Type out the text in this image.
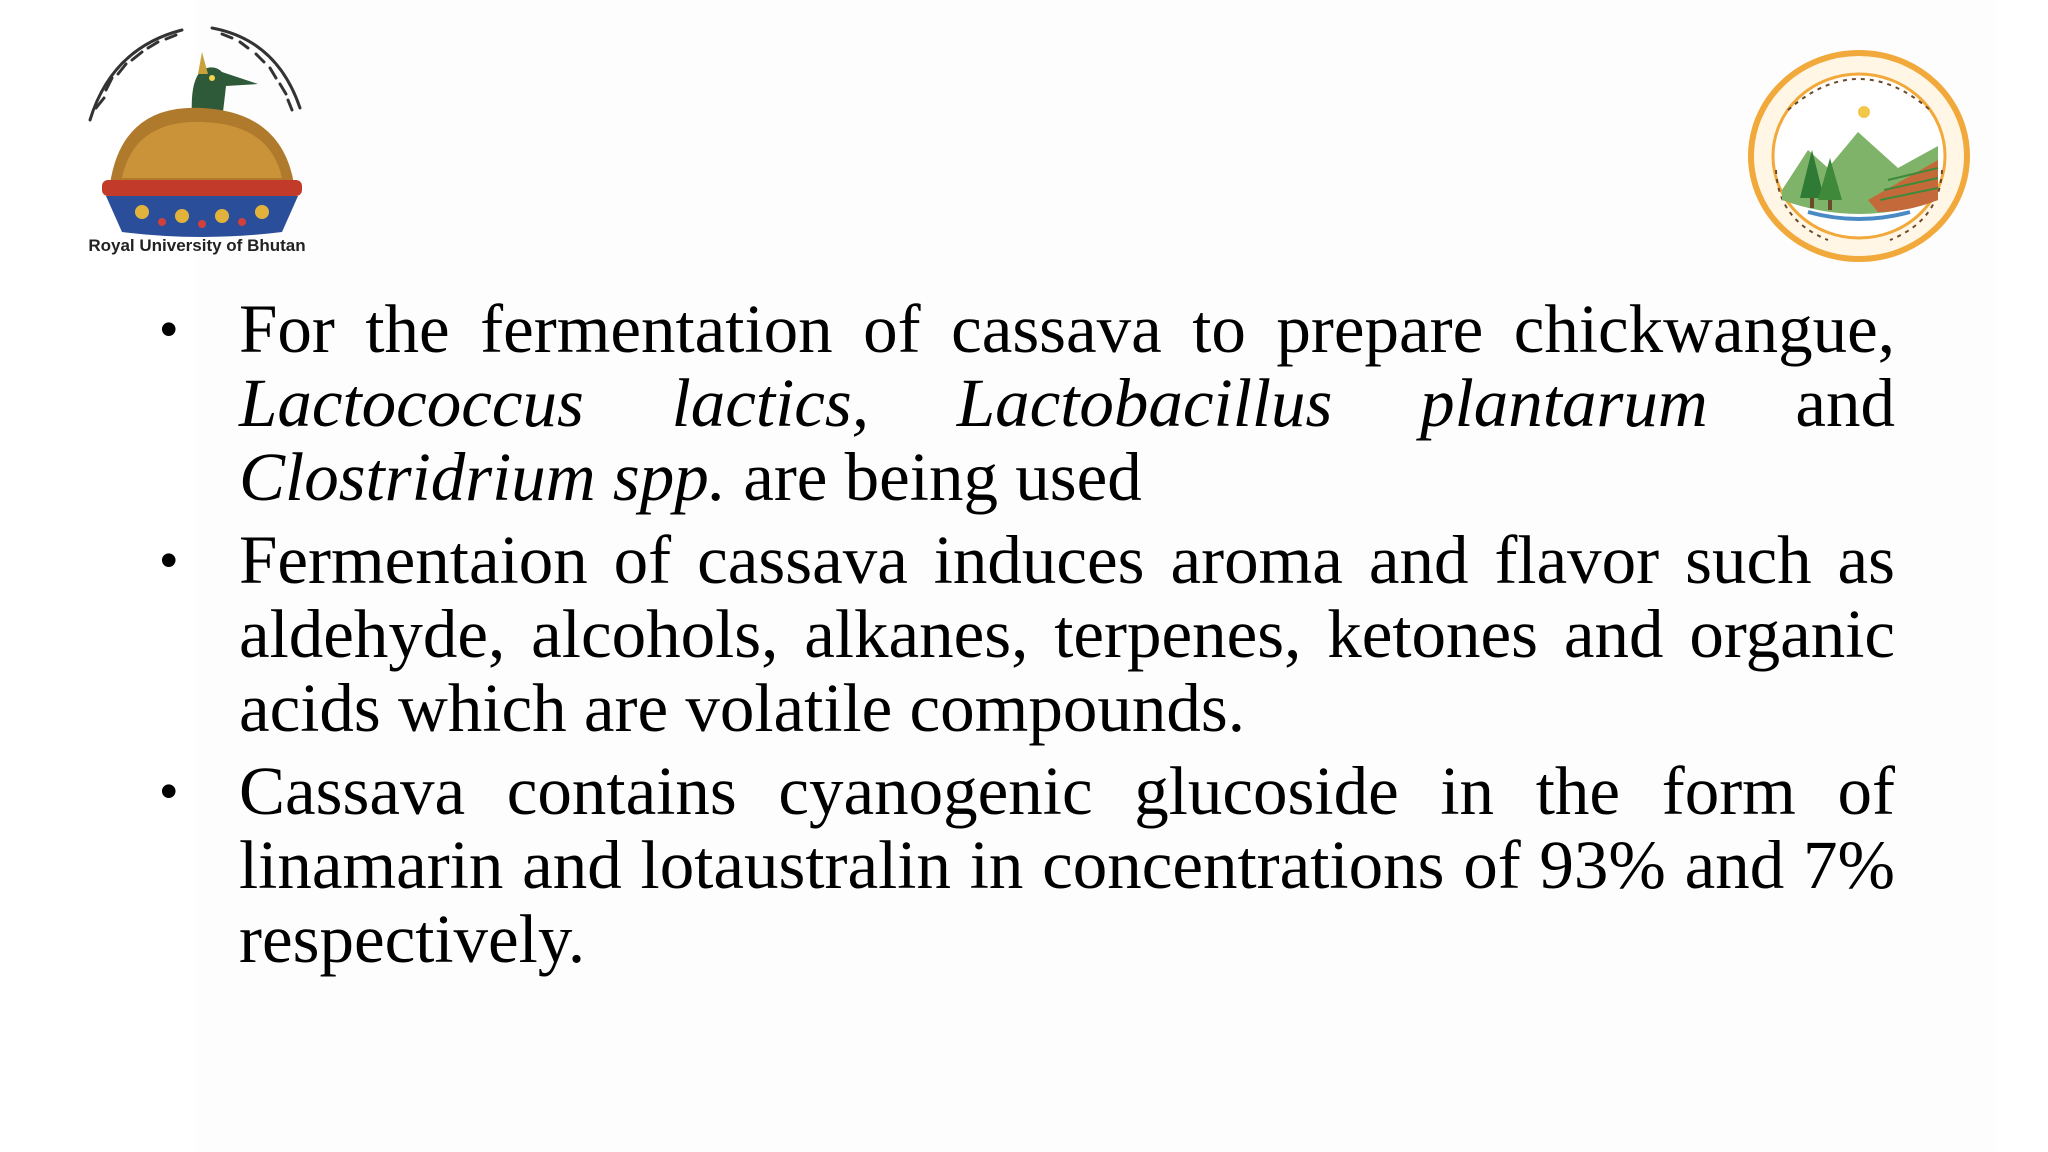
Royal University of Bhutan
• For the fermentation of cassava to prepare chickwangue, Lactococcus lactics, Lactobacillus plantarum and Clostridrium spp. are being used
• Fermentaion of cassava induces aroma and flavor such as aldehyde, alcohols, alkanes, terpenes, ketones and organic acids which are volatile compounds.
• Cassava contains cyanogenic glucoside in the form of linamarin and lotaustralin in concentrations of 93% and 7% respectively.
